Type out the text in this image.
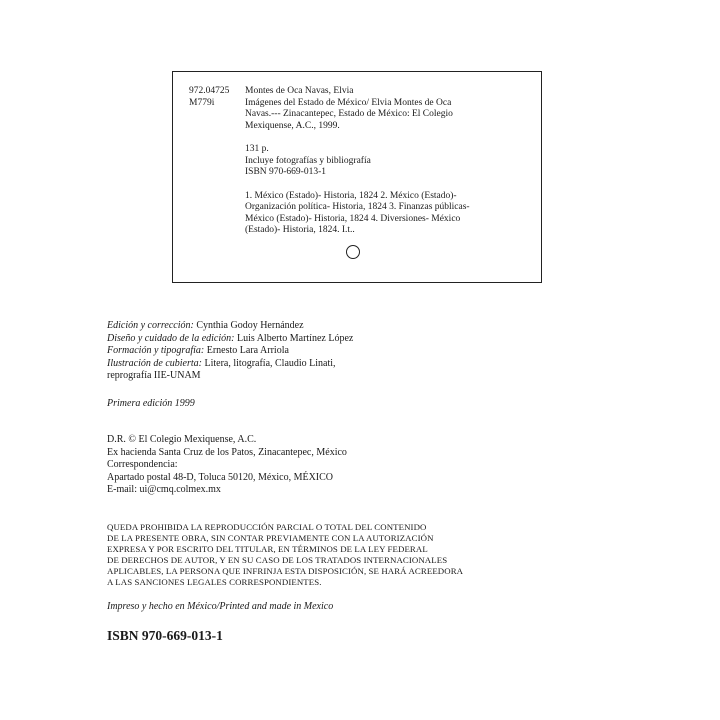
972.04725
M779i

Montes de Oca Navas, Elvia

Imágenes del Estado de México/ Elvia Montes de Oca

Navas.--- Zinacantepec, Estado de México: El Colegio

Mexiquense, A.C., 1999.

131 p.

Incluye fotografías y bibliografía

ISBN 970-669-013-1

1. México (Estado)- Historia, 1824 2. México (Estado)-

Organización política- Historia, 1824 3. Finanzas públicas-

México (Estado)- Historia, 1824 4. Diversiones- México

(Estado)- Historia, 1824. I.t..

Edición y corrección: Cynthia Godoy Hernández

Diseño y cuidado de la edición: Luis Alberto Martínez López

Formación y tipografía: Ernesto Lara Arriola

Ilustración de cubierta: Litera, litografía, Claudio Linati,

reprografía IIE-UNAM

Primera edición 1999

D.R. © El Colegio Mexiquense, A.C.

Ex hacienda Santa Cruz de los Patos, Zinacantepec, México

Correspondencia:

Apartado postal 48-D, Toluca 50120, México, MÉXICO

E-mail: ui@cmq.colmex.mx

QUEDA PROHIBIDA LA REPRODUCCIÓN PARCIAL O TOTAL DEL CONTENIDO

DE LA PRESENTE OBRA, SIN CONTAR PREVIAMENTE CON LA AUTORIZACIÓN

EXPRESA Y POR ESCRITO DEL TITULAR, EN TÉRMINOS DE LA LEY FEDERAL

DE DERECHOS DE AUTOR, Y EN SU CASO DE LOS TRATADOS INTERNACIONALES

APLICABLES, LA PERSONA QUE INFRINJA ESTA DISPOSICIÓN, SE HARÁ ACREEDORA

A LAS SANCIONES LEGALES CORRESPONDIENTES.

Impreso y hecho en México/Printed and made in Mexico

ISBN 970-669-013-1
